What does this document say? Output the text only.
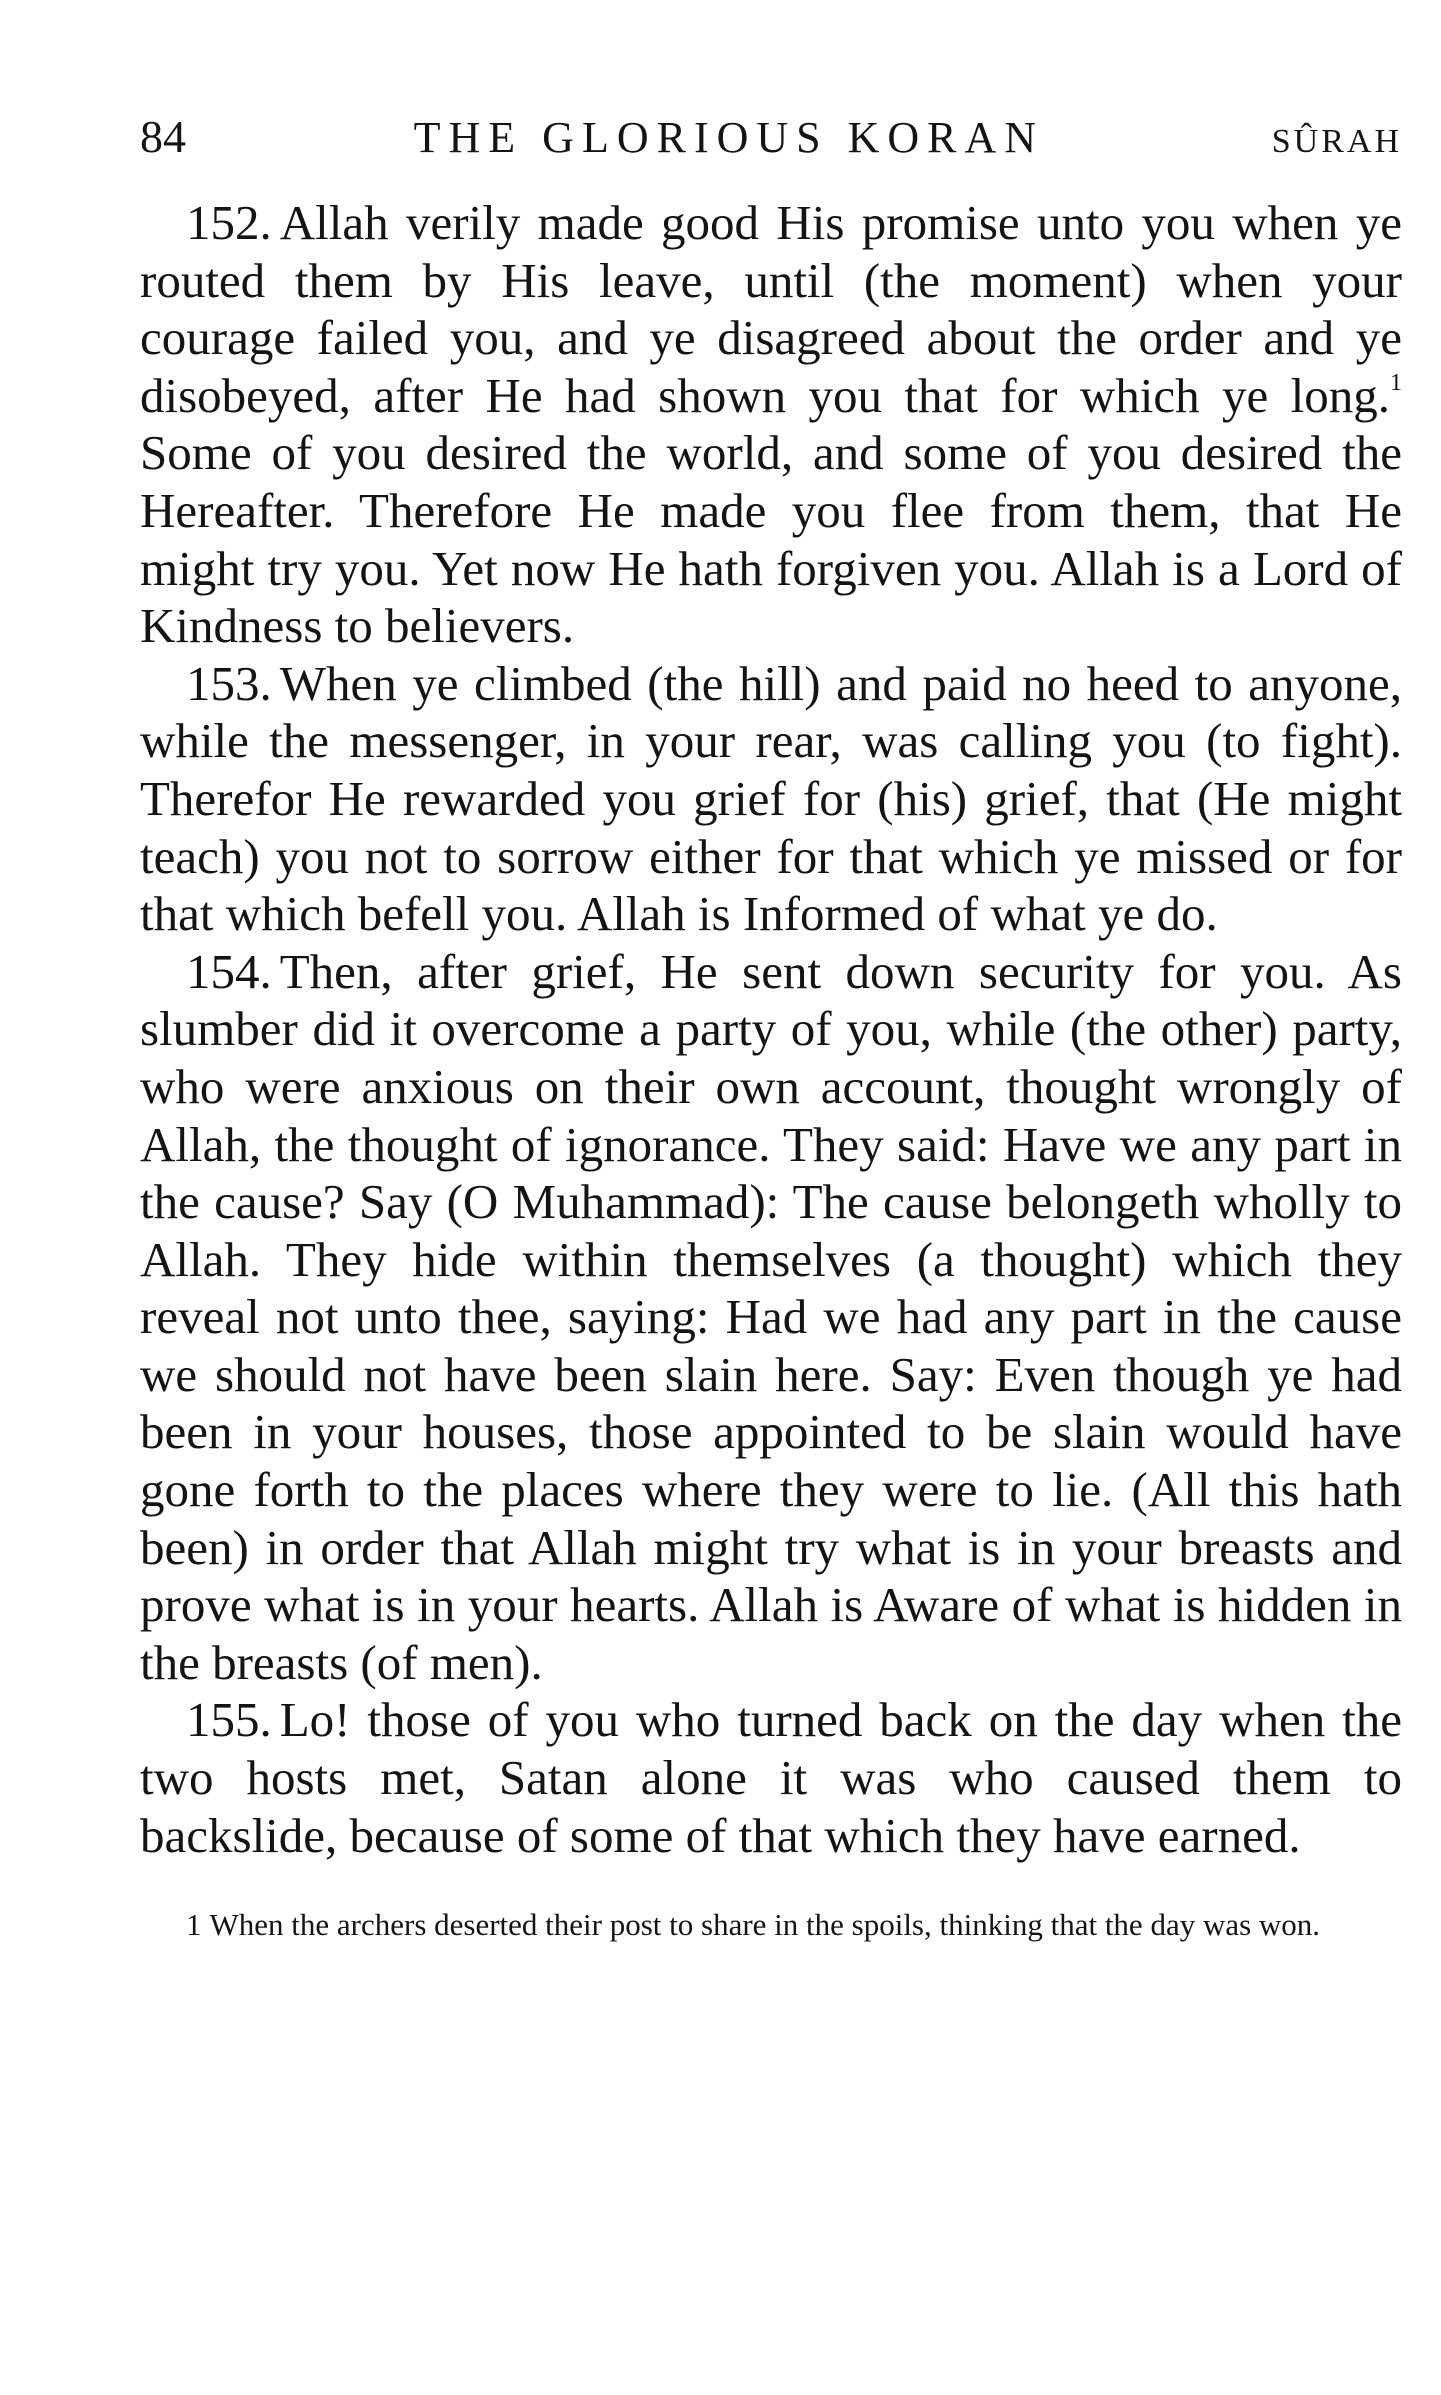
84	THE GLORIOUS KORAN	SÛRAH

152. Allah verily made good His promise unto you when ye routed them by His leave, until (the moment) when your courage failed you, and ye disagreed about the order and ye disobeyed, after He had shown you that for which ye long.$^1$ Some of you desired the world, and some of you desired the Hereafter. Therefore He made you flee from them, that He might try you. Yet now He hath forgiven you. Allah is a Lord of Kindness to believers.

153. When ye climbed (the hill) and paid no heed to anyone, while the messenger, in your rear, was calling you (to fight). Therefor He rewarded you grief for (his) grief, that (He might teach) you not to sorrow either for that which ye missed or for that which befell you. Allah is Informed of what ye do.

154. Then, after grief, He sent down security for you. As slumber did it overcome a party of you, while (the other) party, who were anxious on their own account, thought wrongly of Allah, the thought of ignorance. They said: Have we any part in the cause? Say (O Muhammad): The cause belongeth wholly to Allah. They hide within themselves (a thought) which they reveal not unto thee, saying: Had we had any part in the cause we should not have been slain here. Say: Even though ye had been in your houses, those appointed to be slain would have gone forth to the places where they were to lie. (All this hath been) in order that Allah might try what is in your breasts and prove what is in your hearts. Allah is Aware of what is hidden in the breasts (of men).

155. Lo! those of you who turned back on the day when the two hosts met, Satan alone it was who caused them to backslide, because of some of that which they have earned.

1 When the archers deserted their post to share in the spoils, thinking that the day was won.
